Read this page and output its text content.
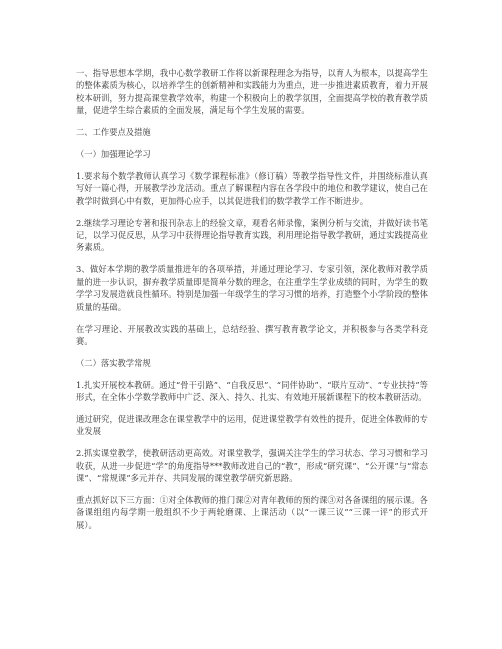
一、指导思想本学期，我中心数学教研工作将以新课程理念为指导，以育人为根本，以提高学生的整体素质为核心，以培养学生的创新精神和实践能力为重点，进一步推进素质教育，着力开展校本研训，努力提高课堂教学效率，构建一个积极向上的教学氛围，全面提高学校的教育教学质量，促进学生综合素质的全面发展，满足每个学生发展的需要。

二、工作要点及措施

（一）加强理论学习

1.要求每个数学教师认真学习《数学课程标准》（修订稿）等教学指导性文件，并围绕标准认真写好一篇心得，开展教学沙龙活动。重点了解课程内容在各学段中的地位和教学建议，使自己在教学时做到心中有数，更加得心应手，以其促进我们的数学教学工作不断进步。

2.继续学习理论专著和报刊杂志上的经验文章，观看名师录像，案例分析与交流，并做好读书笔记，以学习促反思，从学习中获得理论指导教育实践，利用理论指导教学教研，通过实践提高业务素质。

3、做好本学期的教学质量推进年的各项举措，并通过理论学习、专家引领，深化教师对教学质量的进一步认识，摒弃教学质量即是简单分数的理念，在注重学生学业成绩的同时，为学生的数学学习发展造就良性循环。特别是加强一年级学生的学习习惯的培养，打造整个小学阶段的整体质量的基础。

在学习理论、开展教改实践的基础上，总结经验、撰写教育教学论文，并积极参与各类学科竞赛。

（二）落实教学常规

1.扎实开展校本教研。通过“骨干引路”、“自我反思”、“同伴协助”、“联片互动”、“专业扶持”等形式，在全体小学数学教师中广泛、深入、持久、扎实、有效地开展新课程下的校本教研活动。

通过研究，促进课改理念在课堂教学中的运用，促进课堂教学有效性的提升，促进全体教师的专业发展

2.抓实课堂教学，使教研活动更高效。对课堂教学，强调关注学生的学习状态、学习习惯和学习收获，从进一步促进“学”的角度指导***教师改进自己的“教”，形成“研究课”、“公开课”与“常态课”、“常规课”多元并存、共同发展的课堂教学研究新思路。

重点抓好以下三方面：①对全体教师的推门课②对青年教师的预约课③对各备课组的展示课。各备课组组内每学期一般组织不少于两轮磨课、上课活动（以“一课三议”“三课一评”的形式开展）。
